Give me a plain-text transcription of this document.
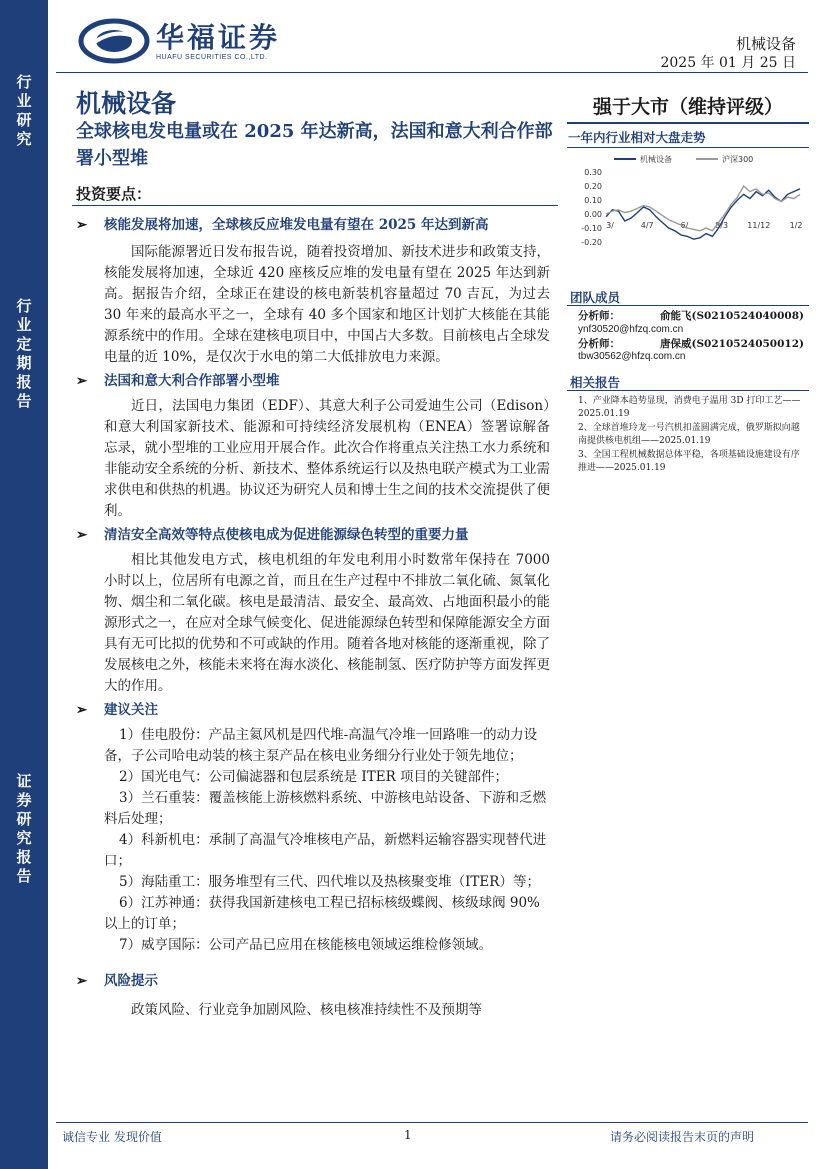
行业研究
行业定期报告
证券研究报告
华福证券
HUAFU SECURITIES CO.,LTD.
机械设备
2025 年 01 月 25 日
机械设备
全球核电发电量或在 2025 年达新高，法国和意大利合作部署小型堆
投资要点：
➢	核能发展将加速，全球核反应堆发电量有望在 2025 年达到新高
国际能源署近日发布报告说，随着投资增加、新技术进步和政策支持，核能发展将加速，全球近 420 座核反应堆的发电量有望在 2025 年达到新高。据报告介绍，全球正在建设的核电新装机容量超过 70 吉瓦，为过去 30 年来的最高水平之一，全球有 40 多个国家和地区计划扩大核能在其能源系统中的作用。全球在建核电项目中，中国占大多数。目前核电占全球发电量的近 10%，是仅次于水电的第二大低排放电力来源。
➢	法国和意大利合作部署小型堆
近日，法国电力集团（EDF）、其意大利子公司爱迪生公司（Edison）和意大利国家新技术、能源和可持续经济发展机构（ENEA）签署谅解备忘录，就小型堆的工业应用开展合作。此次合作将重点关注热工水力系统和非能动安全系统的分析、新技术、整体系统运行以及热电联产模式为工业需求供电和供热的机遇。协议还为研究人员和博士生之间的技术交流提供了便利。
➢	清洁安全高效等特点使核电成为促进能源绿色转型的重要力量
相比其他发电方式，核电机组的年发电利用小时数常年保持在 7000 小时以上，位居所有电源之首，而且在生产过程中不排放二氧化硫、氮氧化物、烟尘和二氧化碳。核电是最清洁、最安全、最高效、占地面积最小的能源形式之一，在应对全球气候变化、促进能源绿色转型和保障能源安全方面具有无可比拟的优势和不可或缺的作用。随着各地对核能的逐渐重视，除了发展核电之外，核能未来将在海水淡化、核能制氢、医疗防护等方面发挥更大的作用。
➢	建议关注
1）佳电股份：产品主氦风机是四代堆-高温气冷堆一回路唯一的动力设备，子公司哈电动装的核主泵产品在核电业务细分行业处于领先地位；
2）国光电气：公司偏滤器和包层系统是 ITER 项目的关键部件；
3）兰石重装：覆盖核能上游核燃料系统、中游核电站设备、下游和乏燃料后处理；
4）科新机电：承制了高温气冷堆核电产品，新燃料运输容器实现替代进口；
5）海陆重工：服务堆型有三代、四代堆以及热核聚变堆（ITER）等；
6）江苏神通：获得我国新建核电工程已招标核级蝶阀、核级球阀 90%以上的订单；
7）威亨国际：公司产品已应用在核能核电领域运维检修领域。
➢	风险提示
政策风险、行业竞争加剧风险、核电核准持续性不及预期等
强于大市（维持评级）
一年内行业相对大盘走势
机械设备	沪深300
0.30
0.20
0.10
0.00
-0.10
-0.20
3/	4/7	6/	8/3 11/12 1/2
团队成员
分析师：	俞能飞(S0210524040008)
ynf30520@hfzq.com.cn
分析师：	唐保威(S0210524050012)
tbw30562@hfzq.com.cn
相关报告
1、产业降本趋势显现，消费电子温用 3D 打印工艺——2025.01.19
2、全球首堆玲龙一号汽机扣盖圆满完成，俄罗斯拟向越南提供核电机组——2025.01.19
3、全国工程机械数据总体平稳，各项基础设施建设有序推进——2025.01.19
诚信专业 发现价值	1	请务必阅读报告末页的声明
